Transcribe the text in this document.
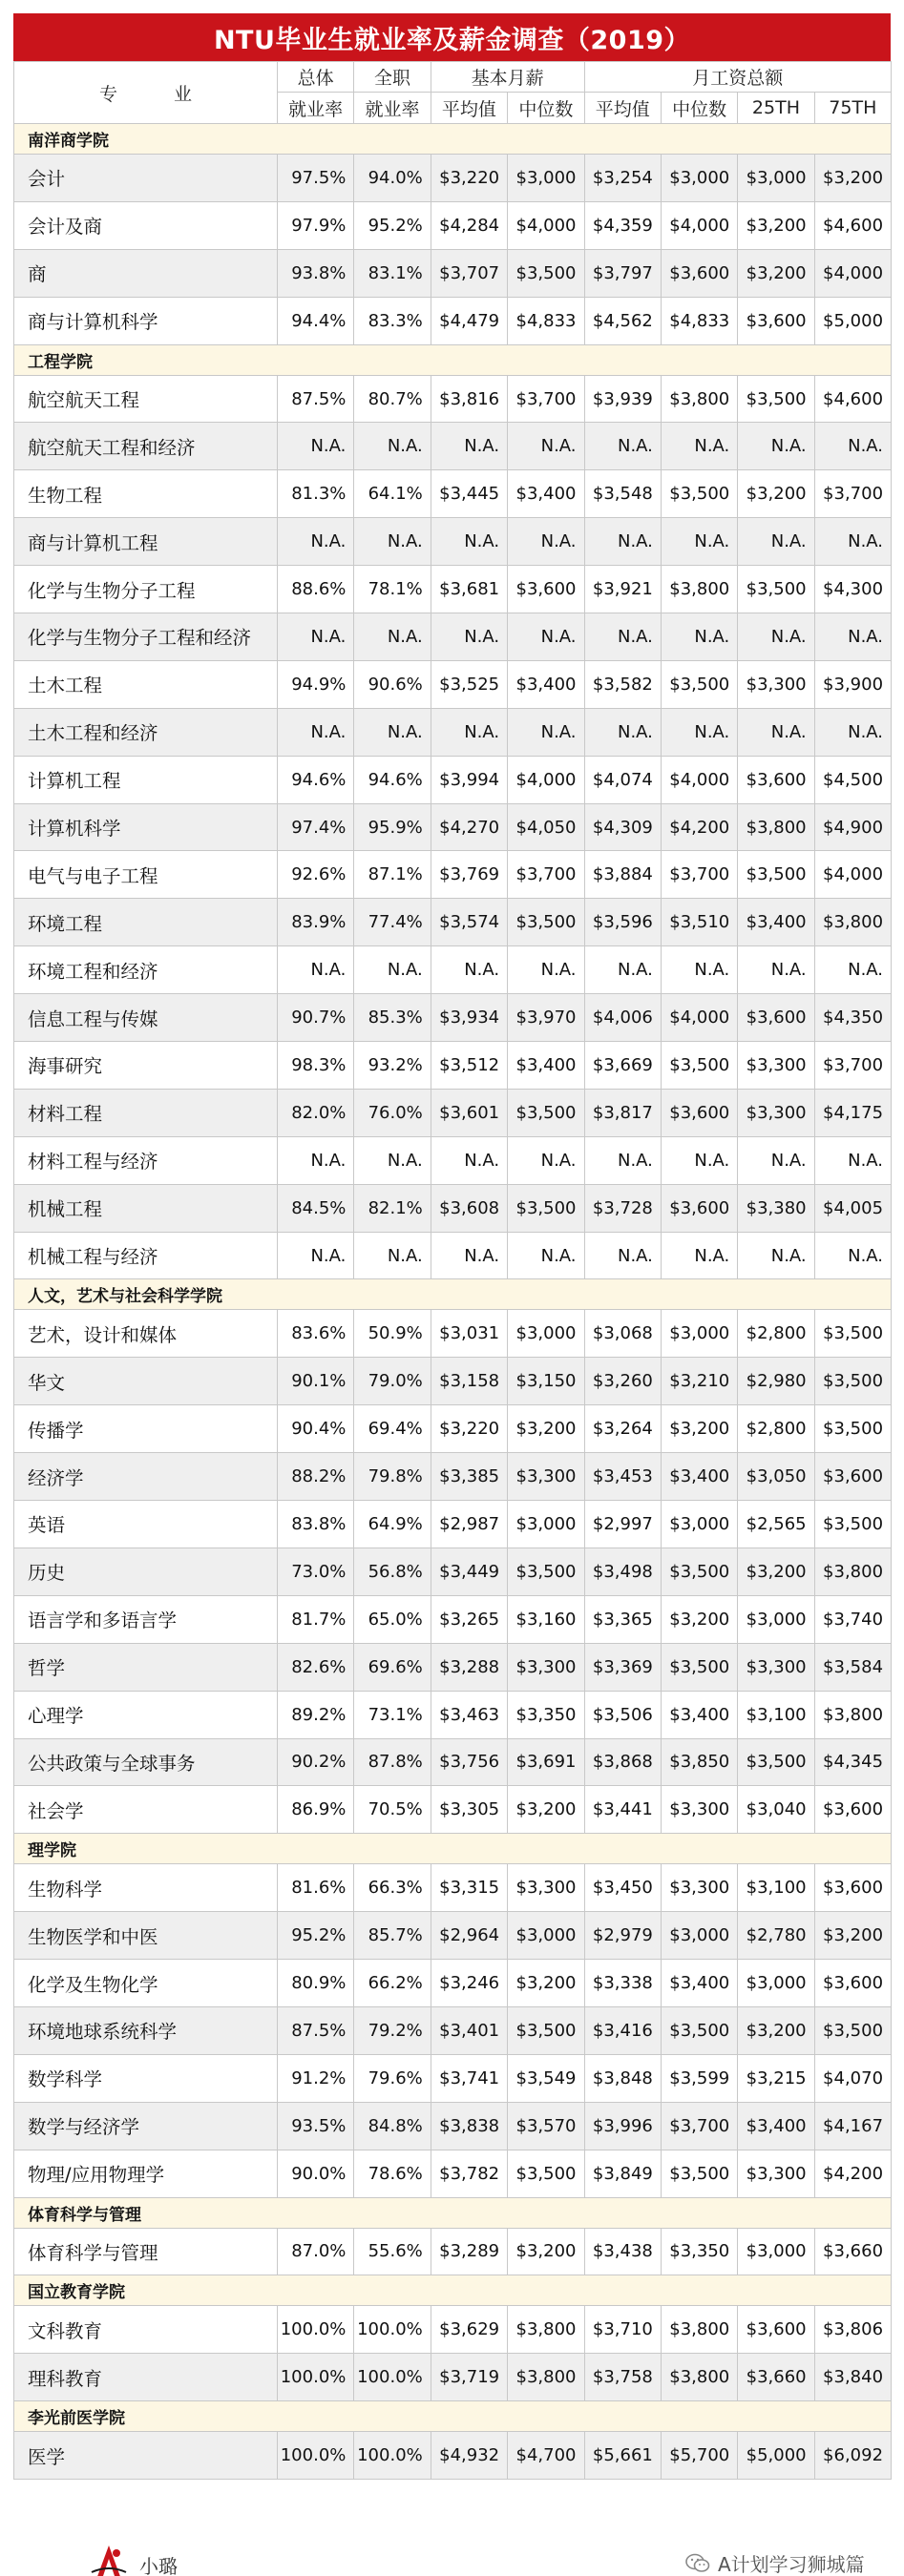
NTU毕业生就业率及薪金调查（2019）
专　业	总体	全职	基本月薪		月工资总额			
	就业率	就业率	平均值	中位数	平均值	中位数	25TH	75TH
南洋商学院								
会计	97.5%	94.0%	$3,220	$3,000	$3,254	$3,000	$3,000	$3,200
会计及商	97.9%	95.2%	$4,284	$4,000	$4,359	$4,000	$3,200	$4,600
商	93.8%	83.1%	$3,707	$3,500	$3,797	$3,600	$3,200	$4,000
商与计算机科学	94.4%	83.3%	$4,479	$4,833	$4,562	$4,833	$3,600	$5,000
工程学院								
航空航天工程	87.5%	80.7%	$3,816	$3,700	$3,939	$3,800	$3,500	$4,600
航空航天工程和经济	N.A.	N.A.	N.A.	N.A.	N.A.	N.A.	N.A.	N.A.
生物工程	81.3%	64.1%	$3,445	$3,400	$3,548	$3,500	$3,200	$3,700
商与计算机工程	N.A.	N.A.	N.A.	N.A.	N.A.	N.A.	N.A.	N.A.
化学与生物分子工程	88.6%	78.1%	$3,681	$3,600	$3,921	$3,800	$3,500	$4,300
化学与生物分子工程和经济	N.A.	N.A.	N.A.	N.A.	N.A.	N.A.	N.A.	N.A.
土木工程	94.9%	90.6%	$3,525	$3,400	$3,582	$3,500	$3,300	$3,900
土木工程和经济	N.A.	N.A.	N.A.	N.A.	N.A.	N.A.	N.A.	N.A.
计算机工程	94.6%	94.6%	$3,994	$4,000	$4,074	$4,000	$3,600	$4,500
计算机科学	97.4%	95.9%	$4,270	$4,050	$4,309	$4,200	$3,800	$4,900
电气与电子工程	92.6%	87.1%	$3,769	$3,700	$3,884	$3,700	$3,500	$4,000
环境工程	83.9%	77.4%	$3,574	$3,500	$3,596	$3,510	$3,400	$3,800
环境工程和经济	N.A.	N.A.	N.A.	N.A.	N.A.	N.A.	N.A.	N.A.
信息工程与传媒	90.7%	85.3%	$3,934	$3,970	$4,006	$4,000	$3,600	$4,350
海事研究	98.3%	93.2%	$3,512	$3,400	$3,669	$3,500	$3,300	$3,700
材料工程	82.0%	76.0%	$3,601	$3,500	$3,817	$3,600	$3,300	$4,175
材料工程与经济	N.A.	N.A.	N.A.	N.A.	N.A.	N.A.	N.A.	N.A.
机械工程	84.5%	82.1%	$3,608	$3,500	$3,728	$3,600	$3,380	$4,005
机械工程与经济	N.A.	N.A.	N.A.	N.A.	N.A.	N.A.	N.A.	N.A.
人文，艺术与社会科学学院								
艺术，设计和媒体	83.6%	50.9%	$3,031	$3,000	$3,068	$3,000	$2,800	$3,500
华文	90.1%	79.0%	$3,158	$3,150	$3,260	$3,210	$2,980	$3,500
传播学	90.4%	69.4%	$3,220	$3,200	$3,264	$3,200	$2,800	$3,500
经济学	88.2%	79.8%	$3,385	$3,300	$3,453	$3,400	$3,050	$3,600
英语	83.8%	64.9%	$2,987	$3,000	$2,997	$3,000	$2,565	$3,500
历史	73.0%	56.8%	$3,449	$3,500	$3,498	$3,500	$3,200	$3,800
语言学和多语言学	81.7%	65.0%	$3,265	$3,160	$3,365	$3,200	$3,000	$3,740
哲学	82.6%	69.6%	$3,288	$3,300	$3,369	$3,500	$3,300	$3,584
心理学	89.2%	73.1%	$3,463	$3,350	$3,506	$3,400	$3,100	$3,800
公共政策与全球事务	90.2%	87.8%	$3,756	$3,691	$3,868	$3,850	$3,500	$4,345
社会学	86.9%	70.5%	$3,305	$3,200	$3,441	$3,300	$3,040	$3,600
理学院								
生物科学	81.6%	66.3%	$3,315	$3,300	$3,450	$3,300	$3,100	$3,600
生物医学和中医	95.2%	85.7%	$2,964	$3,000	$2,979	$3,000	$2,780	$3,200
化学及生物化学	80.9%	66.2%	$3,246	$3,200	$3,338	$3,400	$3,000	$3,600
环境地球系统科学	87.5%	79.2%	$3,401	$3,500	$3,416	$3,500	$3,200	$3,500
数学科学	91.2%	79.6%	$3,741	$3,549	$3,848	$3,599	$3,215	$4,070
数学与经济学	93.5%	84.8%	$3,838	$3,570	$3,996	$3,700	$3,400	$4,167
物理/应用物理学	90.0%	78.6%	$3,782	$3,500	$3,849	$3,500	$3,300	$4,200
体育科学与管理								
体育科学与管理	87.0%	55.6%	$3,289	$3,200	$3,438	$3,350	$3,000	$3,660
国立教育学院								
文科教育	100.0%	100.0%	$3,629	$3,800	$3,710	$3,800	$3,600	$3,806
理科教育	100.0%	100.0%	$3,719	$3,800	$3,758	$3,800	$3,660	$3,840
李光前医学院								
医学	100.0%	100.0%	$4,932	$4,700	$5,661	$5,700	$5,000	$6,092
小璐	A计划学习狮城篇
